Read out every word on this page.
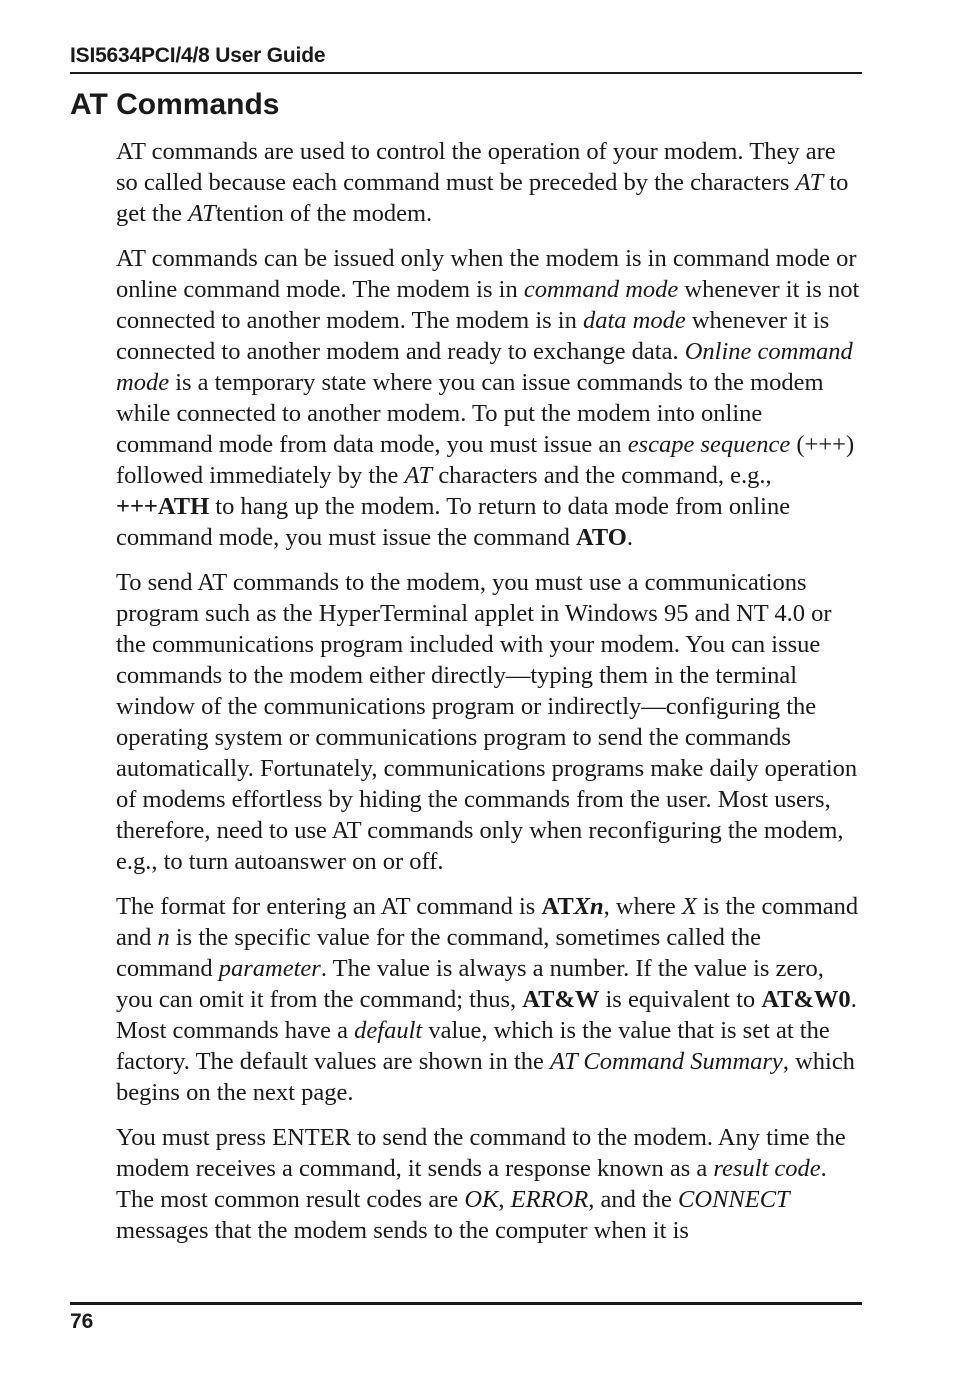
ISI5634PCI/4/8 User Guide
AT Commands

AT commands are used to control the operation of your modem. They are so called because each command must be preceded by the characters AT to get the ATtention of the modem.

AT commands can be issued only when the modem is in command mode or online command mode. The modem is in command mode whenever it is not connected to another modem. The modem is in data mode whenever it is connected to another modem and ready to exchange data. Online command mode is a temporary state where you can issue commands to the modem while connected to another modem. To put the modem into online command mode from data mode, you must issue an escape sequence (+++) followed immediately by the AT characters and the command, e.g., +++ATH to hang up the modem. To return to data mode from online command mode, you must issue the command ATO.

To send AT commands to the modem, you must use a communications program such as the HyperTerminal applet in Windows 95 and NT 4.0 or the communications program included with your modem. You can issue commands to the modem either directly—typing them in the terminal window of the communications program or indirectly—configuring the operating system or communications program to send the commands automatically. Fortunately, communications programs make daily operation of modems effortless by hiding the commands from the user. Most users, therefore, need to use AT commands only when reconfiguring the modem, e.g., to turn autoanswer on or off.

The format for entering an AT command is ATXn, where X is the command and n is the specific value for the command, sometimes called the command parameter. The value is always a number. If the value is zero, you can omit it from the command; thus, AT&W is equivalent to AT&W0. Most commands have a default value, which is the value that is set at the factory. The default values are shown in the AT Command Summary, which begins on the next page.

You must press ENTER to send the command to the modem. Any time the modem receives a command, it sends a response known as a result code. The most common result codes are OK, ERROR, and the CONNECT messages that the modem sends to the computer when it is

76
